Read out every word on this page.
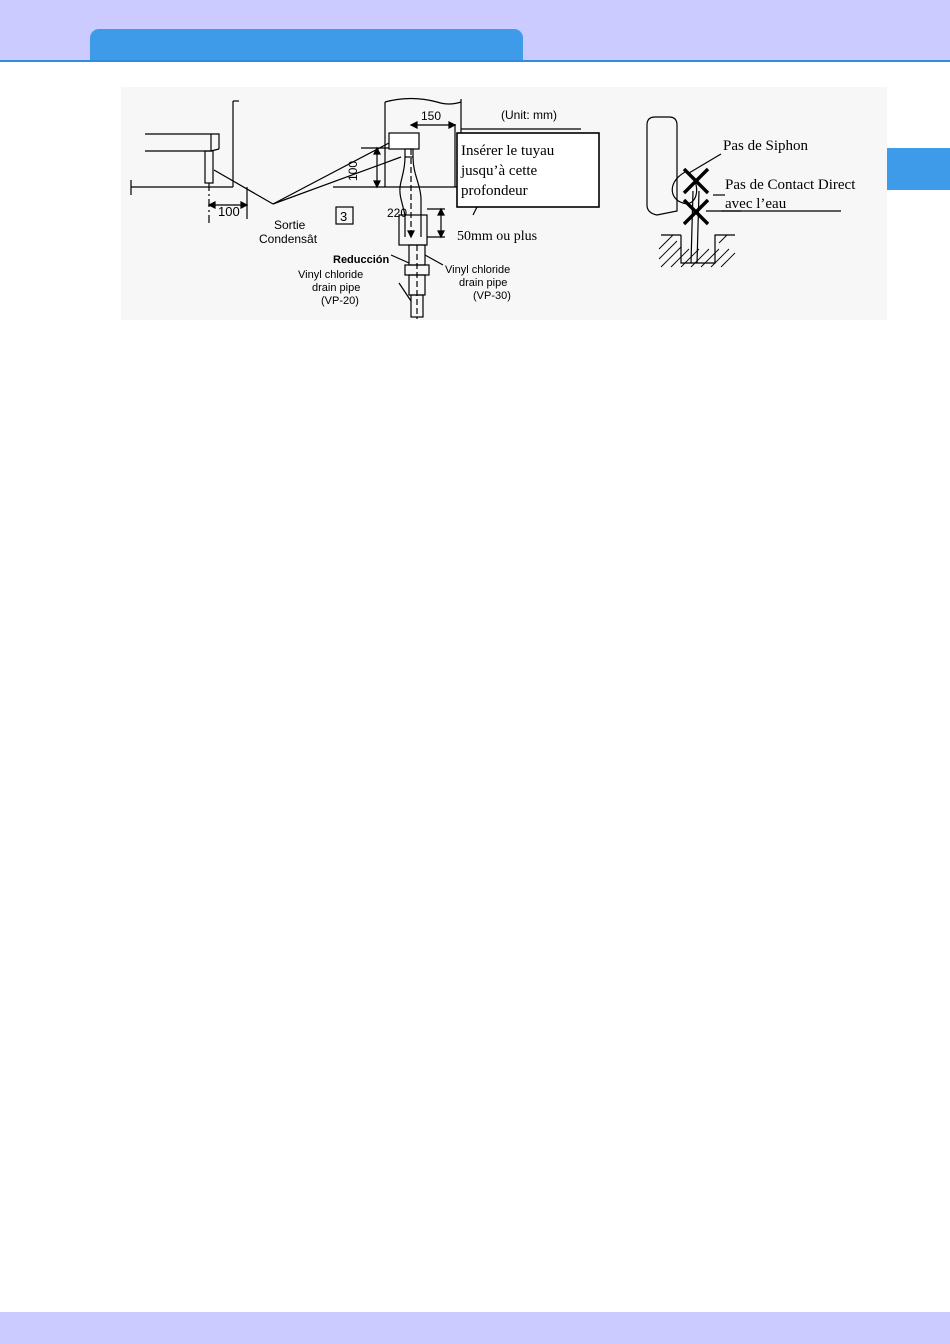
100
Sortie
Condensât
3
(Unit: mm)
150
100
220
Insérer le tuyau
jusqu’à cette
profondeur
50mm ou plus
Reducción
Vinyl chloride
drain pipe
(VP-20)
Vinyl chloride
drain pipe
(VP-30)
Pas de Siphon
Pas de Contact Direct
avec l’eau
